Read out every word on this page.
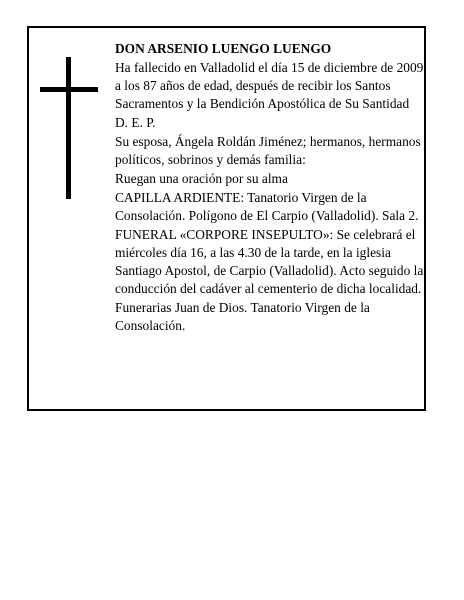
DON ARSENIO LUENGO LUENGO

Ha fallecido en Valladolid el día 15 de diciembre de 2009, a los 87 años de edad, después de recibir los Santos Sacramentos y la Bendición Apostólica de Su Santidad

D. E. P.

Su esposa, Ángela Roldán Jiménez; hermanos, hermanos políticos, sobrinos y demás familia:

Ruegan una oración por su alma

CAPILLA ARDIENTE: Tanatorio Virgen de la Consolación. Polígono de El Carpio (Valladolid). Sala 2.

FUNERAL «CORPORE INSEPULTO»: Se celebrará el miércoles día 16, a las 4.30 de la tarde, en la iglesia Santiago Apostol, de Carpio (Valladolid). Acto seguido la conducción del cadáver al cementerio de dicha localidad.

Funerarias Juan de Dios. Tanatorio Virgen de la Consolación.
